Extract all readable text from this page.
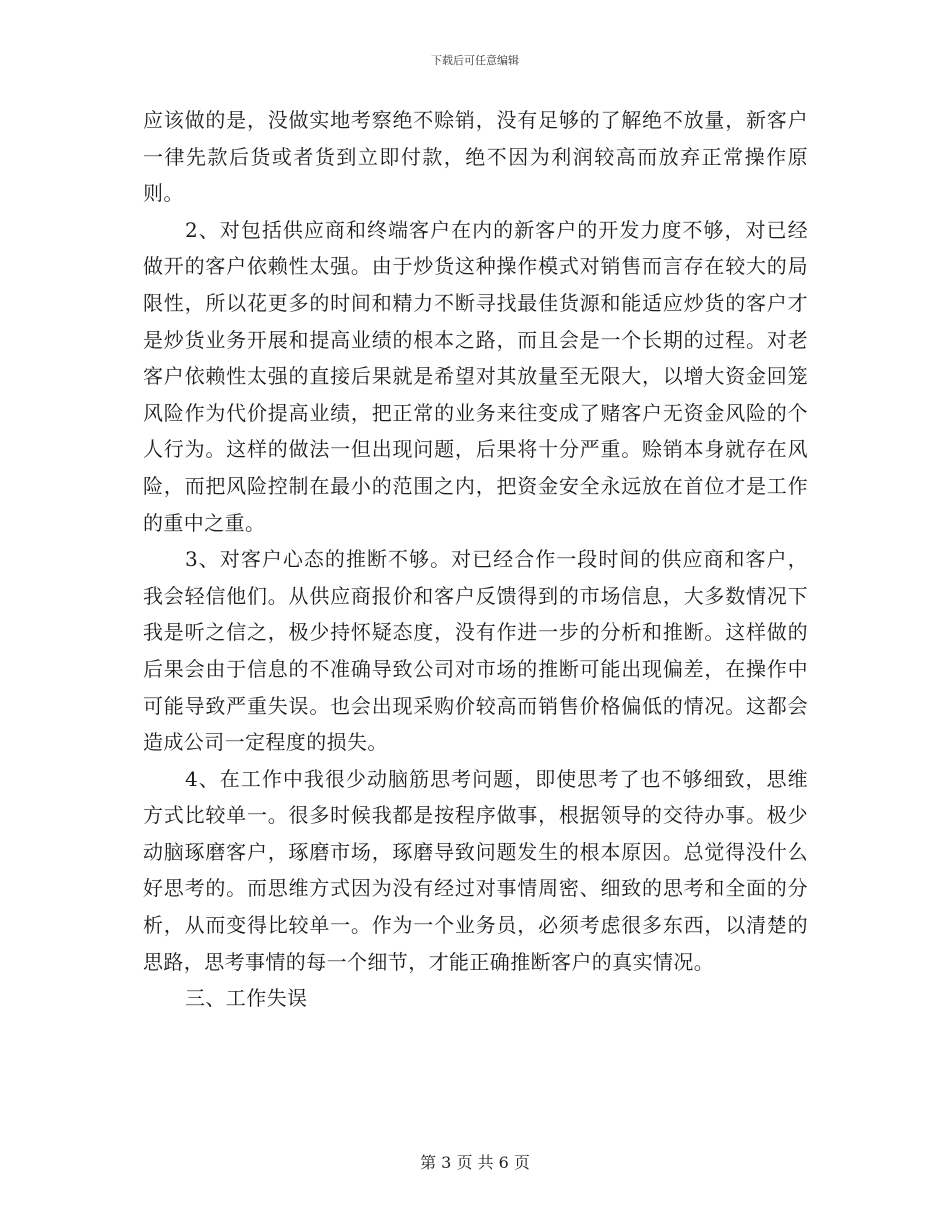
下载后可任意编辑

应该做的是，没做实地考察绝不赊销，没有足够的了解绝不放量，新客户一律先款后货或者货到立即付款，绝不因为利润较高而放弃正常操作原则。

2、对包括供应商和终端客户在内的新客户的开发力度不够，对已经做开的客户依赖性太强。由于炒货这种操作模式对销售而言存在较大的局限性，所以花更多的时间和精力不断寻找最佳货源和能适应炒货的客户才是炒货业务开展和提高业绩的根本之路，而且会是一个长期的过程。对老客户依赖性太强的直接后果就是希望对其放量至无限大，以增大资金回笼风险作为代价提高业绩，把正常的业务来往变成了赌客户无资金风险的个人行为。这样的做法一但出现问题，后果将十分严重。赊销本身就存在风险，而把风险控制在最小的范围之内，把资金安全永远放在首位才是工作的重中之重。

3、对客户心态的推断不够。对已经合作一段时间的供应商和客户，我会轻信他们。从供应商报价和客户反馈得到的市场信息，大多数情况下我是听之信之，极少持怀疑态度，没有作进一步的分析和推断。这样做的后果会由于信息的不准确导致公司对市场的推断可能出现偏差，在操作中可能导致严重失误。也会出现采购价较高而销售价格偏低的情况。这都会造成公司一定程度的损失。

4、在工作中我很少动脑筋思考问题，即使思考了也不够细致，思维方式比较单一。很多时候我都是按程序做事，根据领导的交待办事。极少动脑琢磨客户，琢磨市场，琢磨导致问题发生的根本原因。总觉得没什么好思考的。而思维方式因为没有经过对事情周密、细致的思考和全面的分析，从而变得比较单一。作为一个业务员，必须考虑很多东西，以清楚的思路，思考事情的每一个细节，才能正确推断客户的真实情况。

三、工作失误

第 3 页 共 6 页
